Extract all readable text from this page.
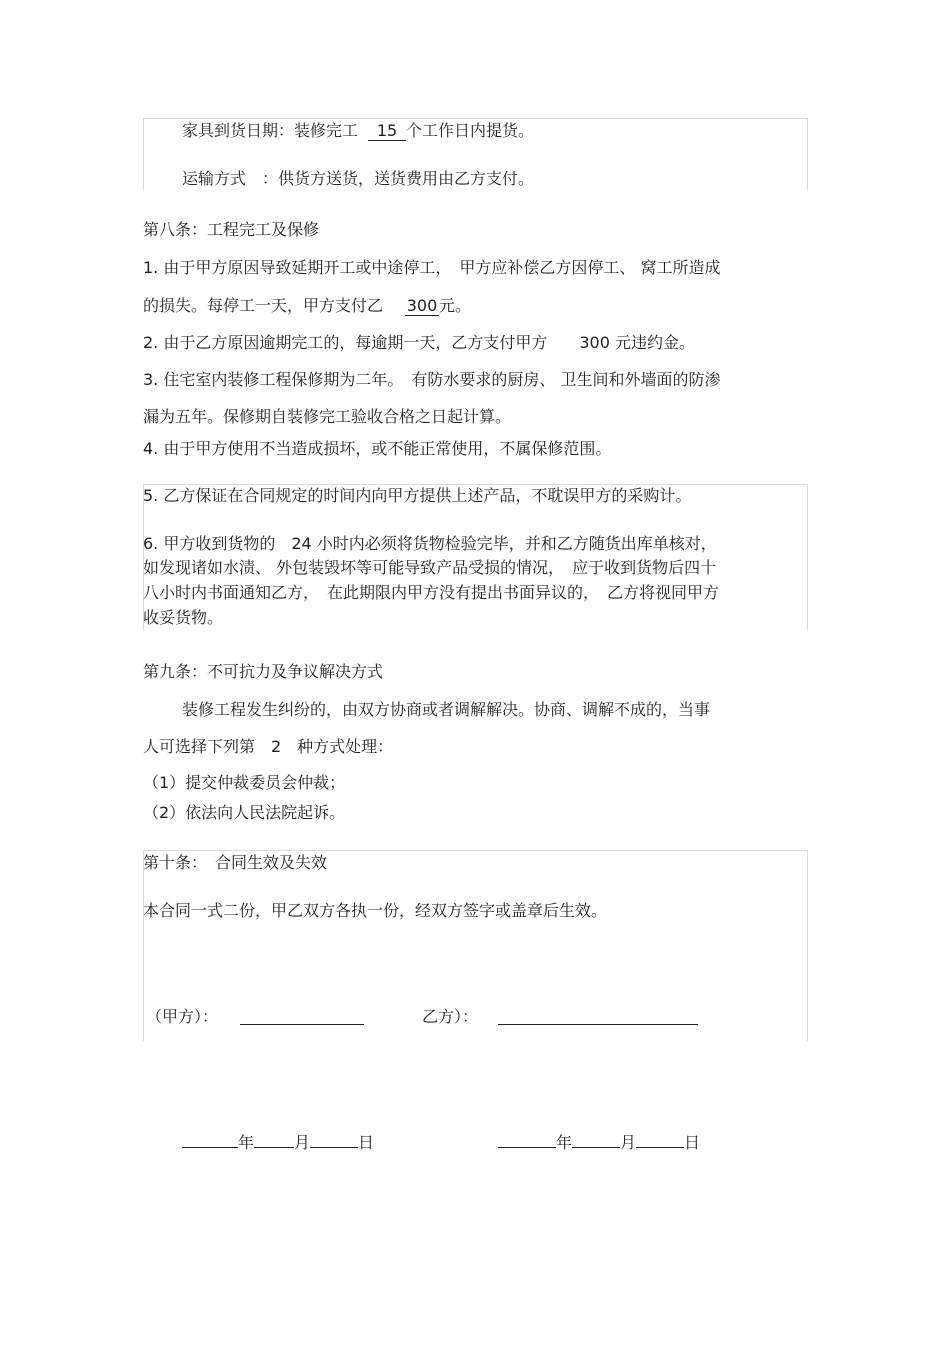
家具到货日期：装修完工 15 个工作日内提货。
运输方式　：供货方送货，送货费用由乙方支付。
第八条：工程完工及保修
1. 由于甲方原因导致延期开工或中途停工，　甲方应补偿乙方因停工、 窝工所造成
的损失。每停工一天，甲方支付乙 300 元。
2. 由于乙方原因逾期完工的，每逾期一天，乙方支付甲方　　300 元违约金。
3. 住宅室内装修工程保修期为二年。　有防水要求的厨房、 卫生间和外墙面的防渗
漏为五年。保修期自装修完工验收合格之日起计算。
4. 由于甲方使用不当造成损坏，或不能正常使用，不属保修范围。
5. 乙方保证在合同规定的时间内向甲方提供上述产品，不耽误甲方的采购计。
6. 甲方收到货物的　24 小时内必须将货物检验完毕，并和乙方随货出库单核对，
如发现诸如水渍、 外包装毁坏等可能导致产品受损的情况，　应于收到货物后四十
八小时内书面通知乙方，　在此期限内甲方没有提出书面异议的，　乙方将视同甲方
收妥货物。
第九条：不可抗力及争议解决方式
装修工程发生纠纷的，由双方协商或者调解解决。协商、调解不成的，当事
人可选择下列第　2　种方式处理：
（1）提交仲裁委员会仲裁；
（2）依法向人民法院起诉。
第十条：　合同生效及失效
本合同一式二份，甲乙双方各执一份，经双方签字或盖章后生效。
（甲方）：	乙方）：
年	月	日	年	月	日
